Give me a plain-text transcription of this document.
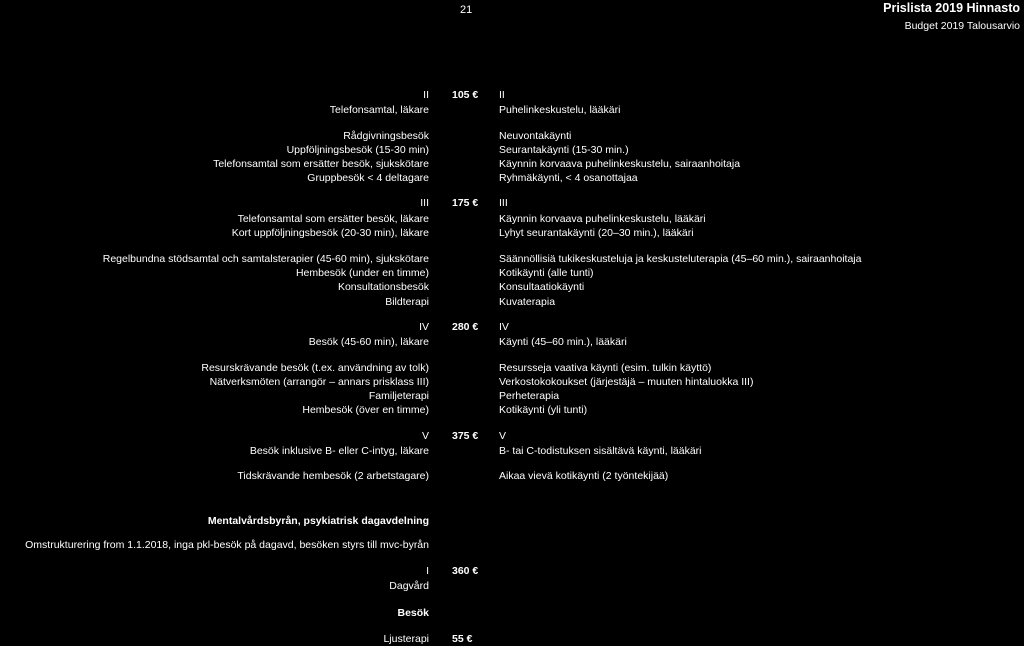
21	Prislista 2019 Hinnasto
Budget 2019 Talousarvio
II 105 € II
Telefonsamtal, läkare	Puhelinkeskustelu, lääkäri
Rådgivningsbesök	Neuvontakäynti
Uppföljningsbesök (15-30 min)	Seurantakäynti (15-30 min.)
Telefonsamtal som ersätter besök, sjukskötare	Käynnin korvaava puhelinkeskustelu, sairaanhoitaja
Gruppbesök < 4 deltagare	Ryhmäkäynti, < 4 osanottajaa
III 175 € III
Telefonsamtal som ersätter besök, läkare	Käynnin korvaava puhelinkeskustelu, lääkäri
Kort uppföljningsbesök (20-30 min), läkare	Lyhyt seurantakäynti (20–30 min.), lääkäri
Regelbundna stödsamtal och samtalsterapier (45-60 min), sjukskötare	Säännöllisiä tukikeskusteluja ja keskusteluterapia (45–60 min.), sairaanhoitaja
Hembesök (under en timme)	Kotikäynti (alle tunti)
Konsultationsbesök	Konsultaatiokäynti
Bildterapi	Kuvaterapia
IV 280 € IV
Besök (45-60 min), läkare	Käynti (45–60 min.), lääkäri
Resurskrävande besök (t.ex. användning av tolk)	Resursseja vaativa käynti (esim. tulkin käyttö)
Nätverksmöten (arrangör – annars prisklass III)	Verkostokokoukset (järjestäjä – muuten hintaluokka III)
Familjeterapi	Perheterapia
Hembesök (över en timme)	Kotikäynti (yli tunti)
V 375 € V
Besök inklusive B- eller C-intyg, läkare	B- tai C-todistuksen sisältävä käynti, lääkäri
Tidskrävande hembesök (2 arbetstagare)	Aikaa vievä kotikäynti (2 työntekijää)
Mentalvårdsbyrån, psykiatrisk dagavdelning
Omstrukturering from 1.1.2018, inga pkl-besök på dagavd, besöken styrs till mvc-byrån
I 360 €
Dagvård
Besök
Ljusterapi 55 €
